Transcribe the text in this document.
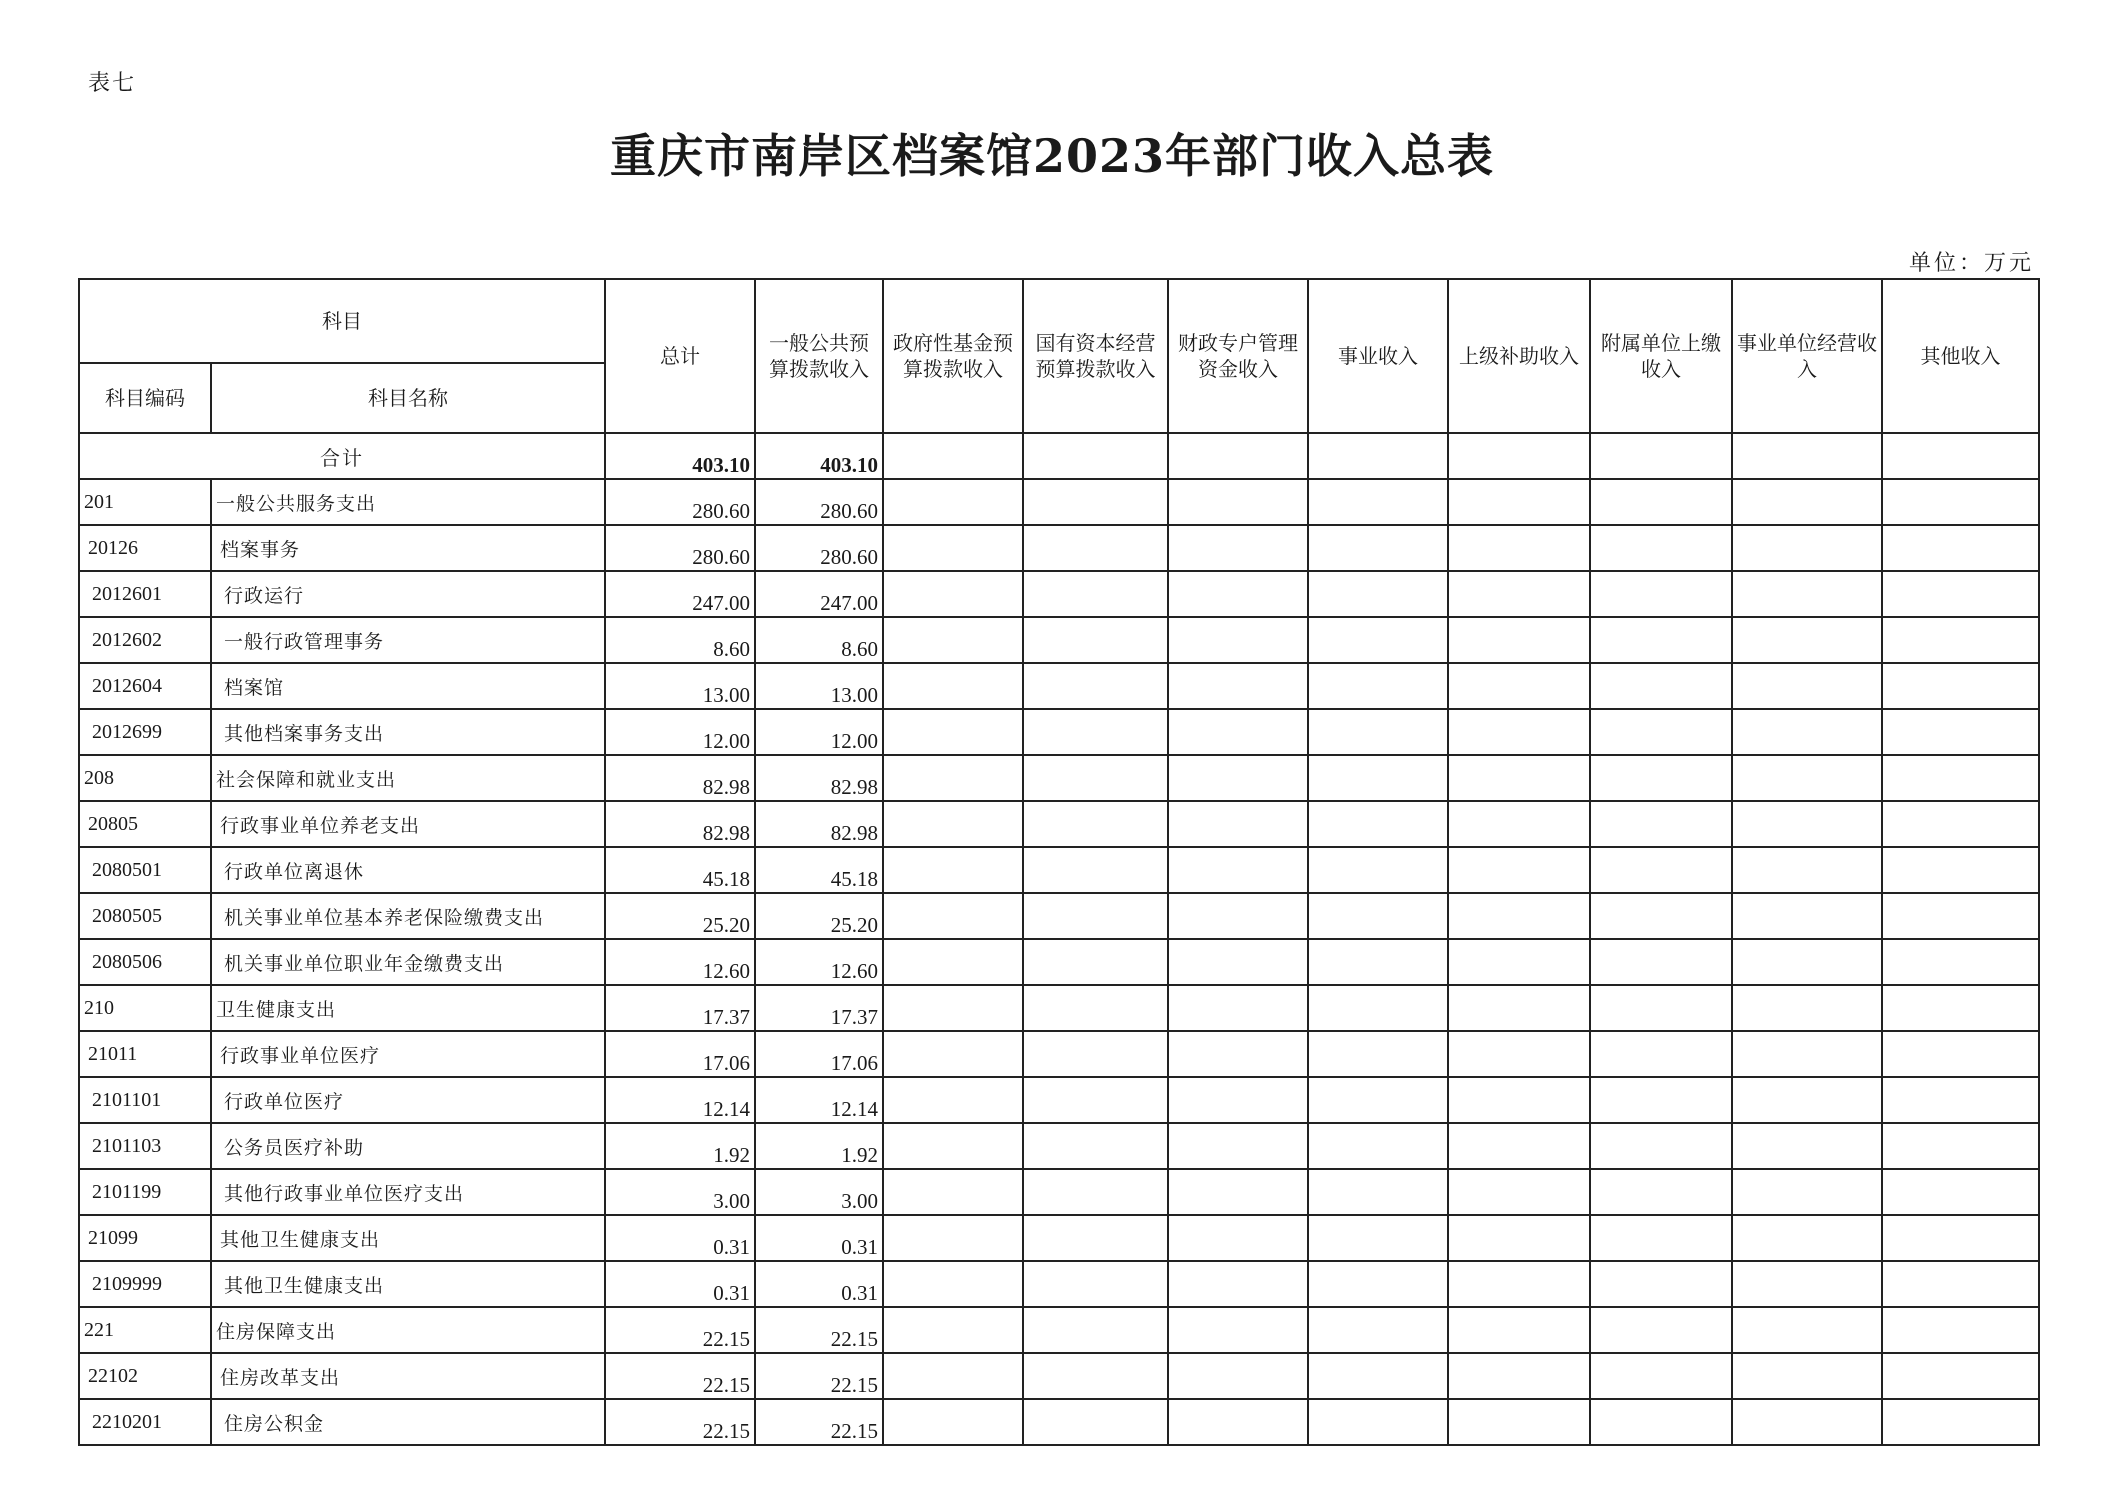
表七
重庆市南岸区档案馆2023年部门收入总表
单位：万元
科目		总计	一般公共预算拨款收入	政府性基金预算拨款收入	国有资本经营预算拨款收入	财政专户管理资金收入	事业收入	上级补助收入	附属单位上缴收入	事业单位经营收入	其他收入
科目编码	科目名称										
合计		403.10	403.10								
201	一般公共服务支出	280.60	280.60								
20126	档案事务	280.60	280.60								
2012601	行政运行	247.00	247.00								
2012602	一般行政管理事务	8.60	8.60								
2012604	档案馆	13.00	13.00								
2012699	其他档案事务支出	12.00	12.00								
208	社会保障和就业支出	82.98	82.98								
20805	行政事业单位养老支出	82.98	82.98								
2080501	行政单位离退休	45.18	45.18								
2080505	机关事业单位基本养老保险缴费支出	25.20	25.20								
2080506	机关事业单位职业年金缴费支出	12.60	12.60								
210	卫生健康支出	17.37	17.37								
21011	行政事业单位医疗	17.06	17.06								
2101101	行政单位医疗	12.14	12.14								
2101103	公务员医疗补助	1.92	1.92								
2101199	其他行政事业单位医疗支出	3.00	3.00								
21099	其他卫生健康支出	0.31	0.31								
2109999	其他卫生健康支出	0.31	0.31								
221	住房保障支出	22.15	22.15								
22102	住房改革支出	22.15	22.15								
2210201	住房公积金	22.15	22.15								
